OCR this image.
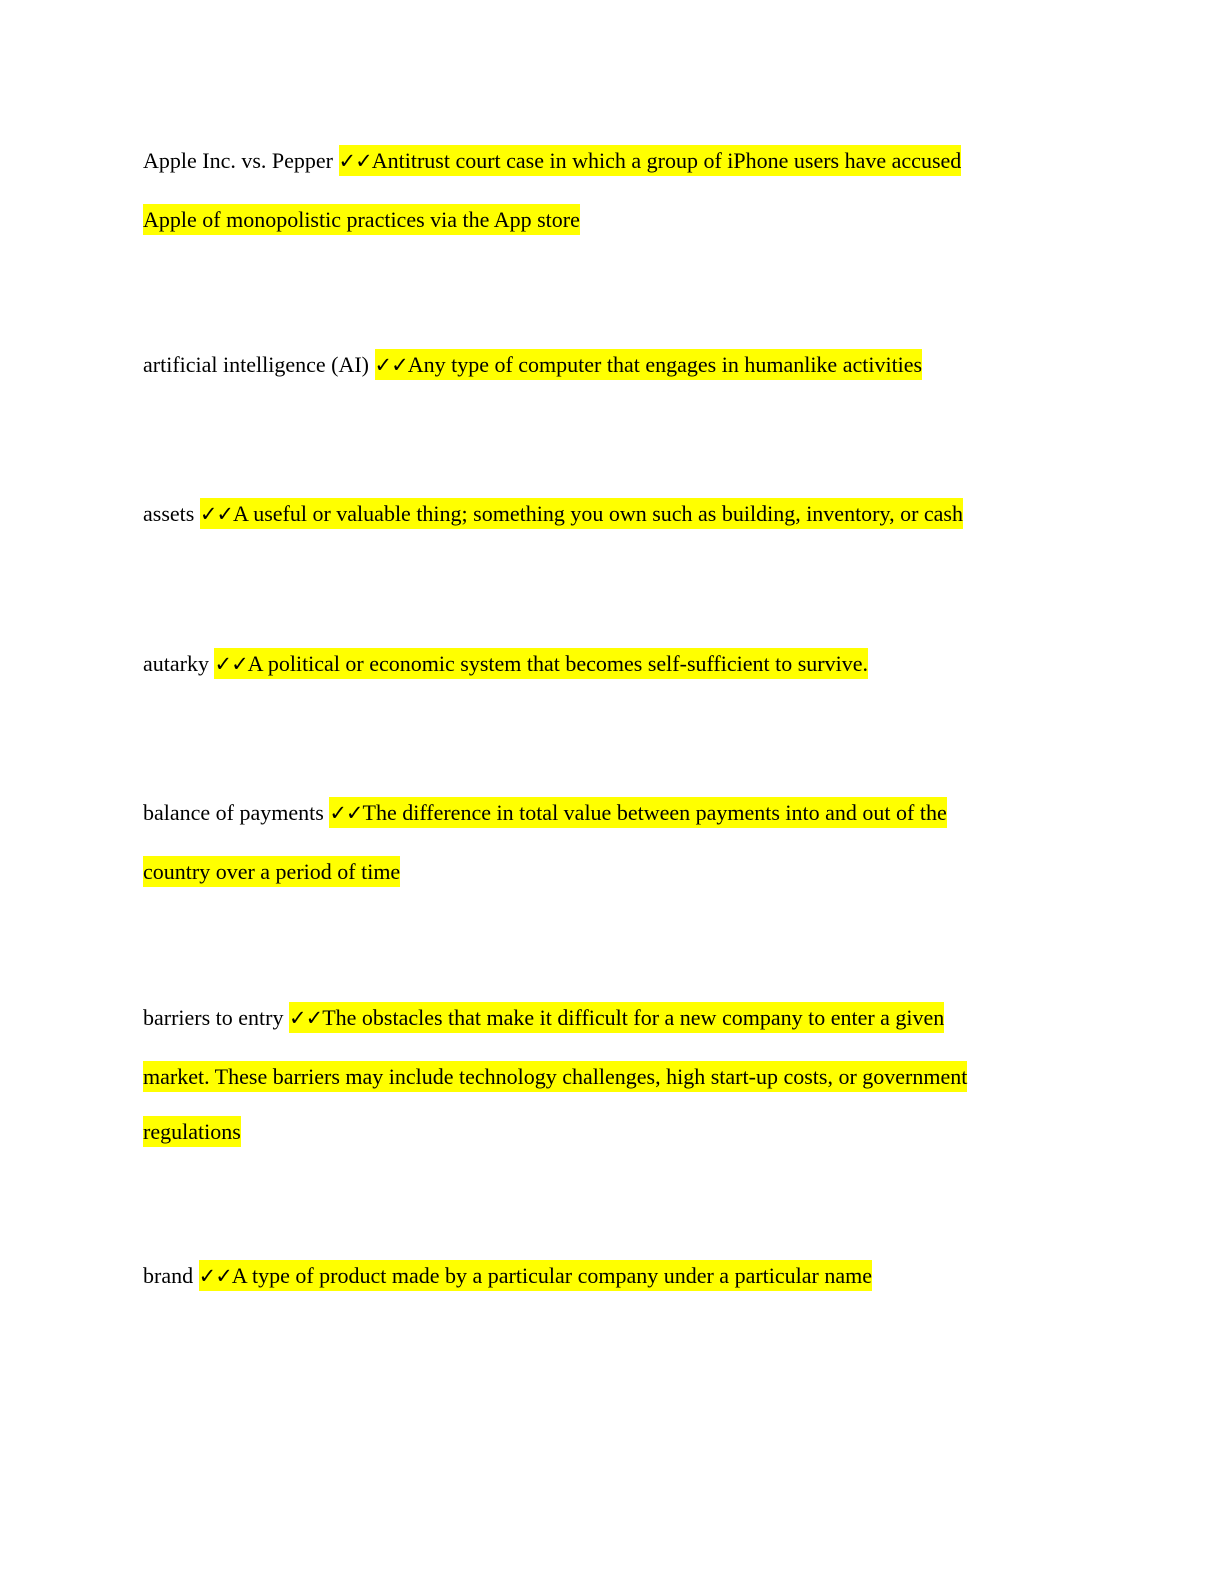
Apple Inc. vs. Pepper ✓✓Antitrust court case in which a group of iPhone users have accused
Apple of monopolistic practices via the App store
artificial intelligence (AI) ✓✓Any type of computer that engages in humanlike activities
assets ✓✓A useful or valuable thing; something you own such as building, inventory, or cash
autarky ✓✓A political or economic system that becomes self-sufficient to survive.
balance of payments ✓✓The difference in total value between payments into and out of the
country over a period of time
barriers to entry ✓✓The obstacles that make it difficult for a new company to enter a given
market. These barriers may include technology challenges, high start-up costs, or government
regulations
brand ✓✓A type of product made by a particular company under a particular name
